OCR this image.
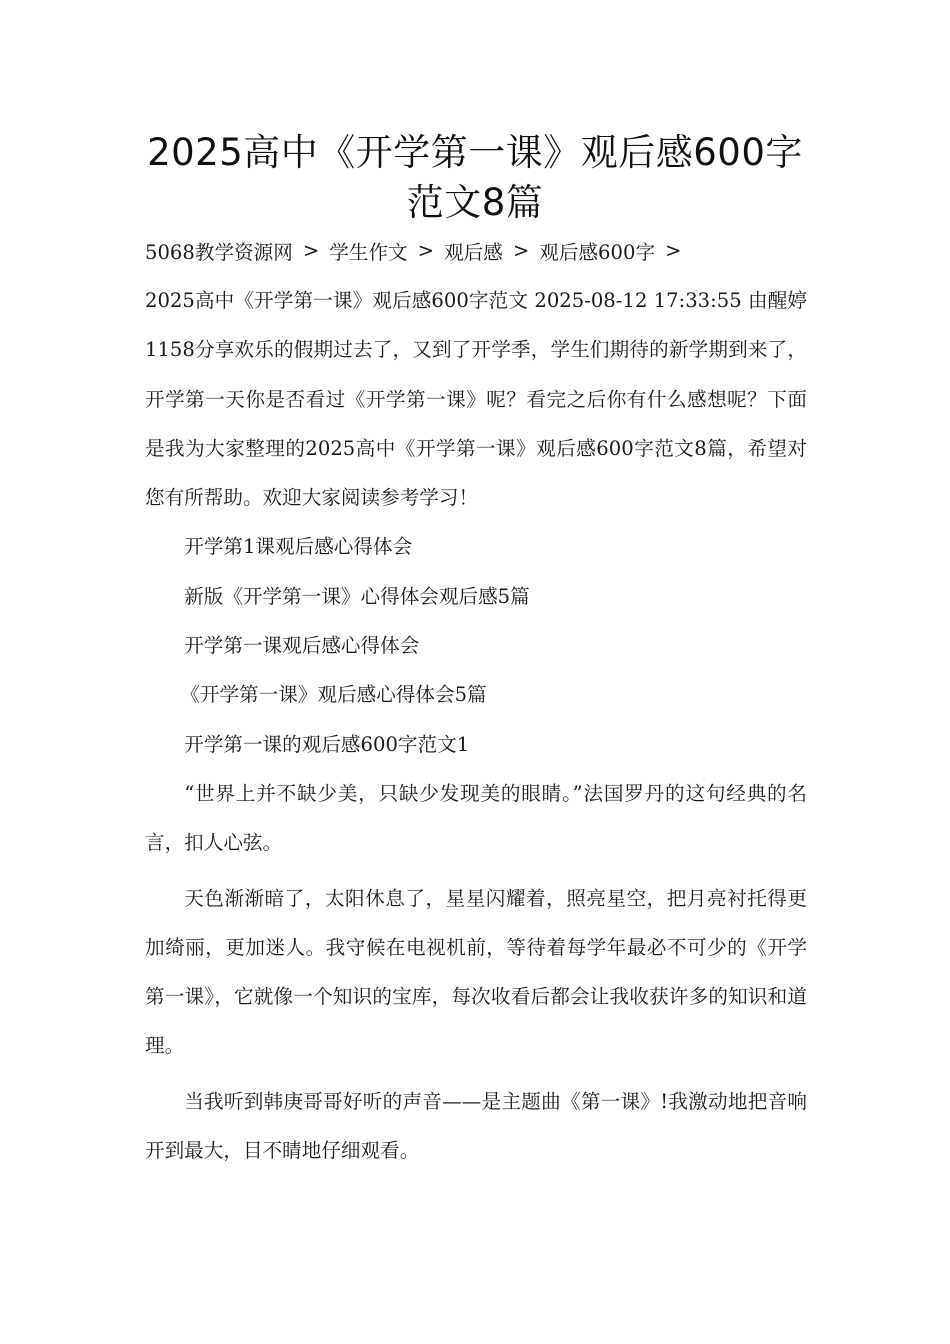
2025高中《开学第一课》观后感600字
范文8篇
5068教学资源网 > 学生作文 > 观后感 > 观后感600字 >

2025高中《开学第一课》观后感600字范文 2025-08-12 17:33:55 由醒婷 1158分享欢乐的假期过去了，又到了开学季，学生们期待的新学期到来了，开学第一天你是否看过《开学第一课》呢？看完之后你有什么感想呢？下面是我为大家整理的2025高中《开学第一课》观后感600字范文8篇，希望对您有所帮助。欢迎大家阅读参考学习！

开学第1课观后感心得体会
新版《开学第一课》心得体会观后感5篇
开学第一课观后感心得体会
《开学第一课》观后感心得体会5篇

开学第一课的观后感600字范文1

“世界上并不缺少美，只缺少发现美的眼睛。”法国罗丹的这句经典的名言，扣人心弦。

天色渐渐暗了，太阳休息了，星星闪耀着，照亮星空，把月亮衬托得更加绮丽，更加迷人。我守候在电视机前，等待着每学年最必不可少的《开学第一课》，它就像一个知识的宝库，每次收看后都会让我收获许多的知识和道理。

当我听到韩庚哥哥好听的声音——是主题曲《第一课》!我激动地把音响开到最大，目不睛地仔细观看。
